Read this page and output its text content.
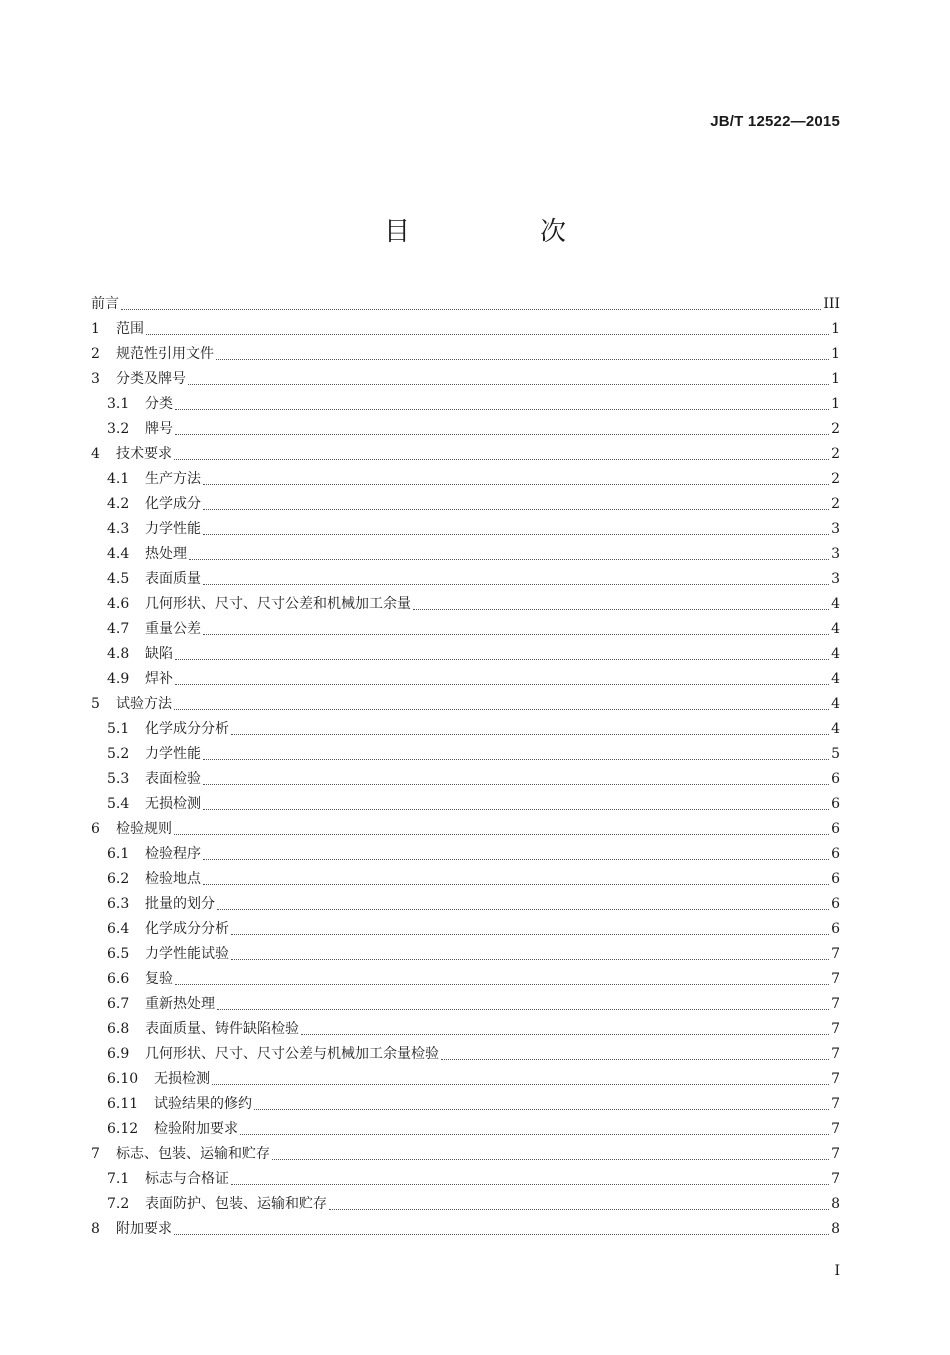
JB/T 12522—2015
目　次
前言	III
1	范围	1
2	规范性引用文件	1
3	分类及牌号	1
3.1	分类	1
3.2	牌号	2
4	技术要求	2
4.1	生产方法	2
4.2	化学成分	2
4.3	力学性能	3
4.4	热处理	3
4.5	表面质量	3
4.6	几何形状、尺寸、尺寸公差和机械加工余量	4
4.7	重量公差	4
4.8	缺陷	4
4.9	焊补	4
5	试验方法	4
5.1	化学成分分析	4
5.2	力学性能	5
5.3	表面检验	6
5.4	无损检测	6
6	检验规则	6
6.1	检验程序	6
6.2	检验地点	6
6.3	批量的划分	6
6.4	化学成分分析	6
6.5	力学性能试验	7
6.6	复验	7
6.7	重新热处理	7
6.8	表面质量、铸件缺陷检验	7
6.9	几何形状、尺寸、尺寸公差与机械加工余量检验	7
6.10	无损检测	7
6.11	试验结果的修约	7
6.12	检验附加要求	7
7	标志、包装、运输和贮存	7
7.1	标志与合格证	7
7.2	表面防护、包装、运输和贮存	8
8	附加要求	8
I
